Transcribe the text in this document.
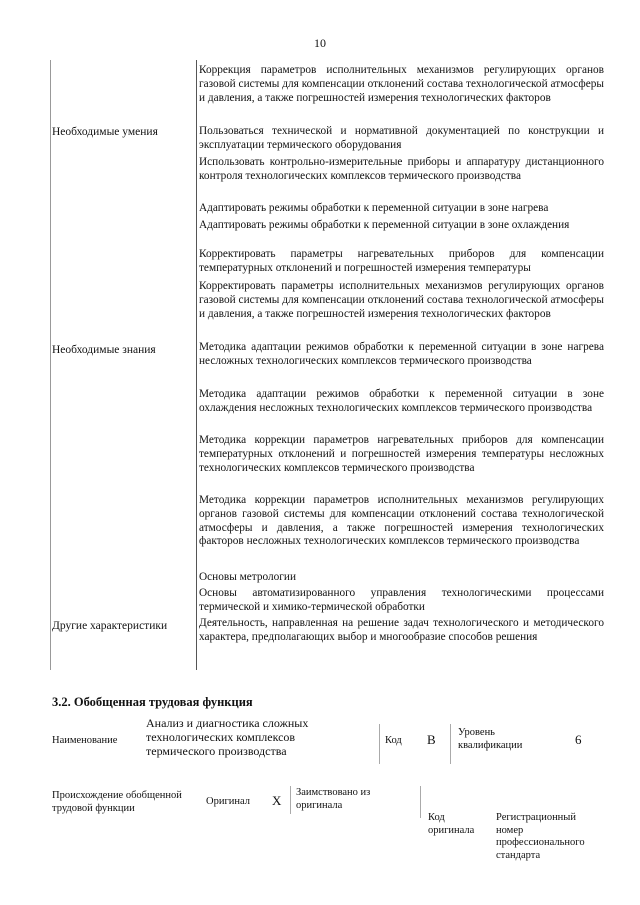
10
Необходимые умения
Необходимые знания
Другие характеристики
Коррекция параметров исполнительных механизмов регулирующих органов газовой системы для компенсации отклонений состава технологической атмосферы и давления, а также погрешностей измерения технологических факторов
Пользоваться технической и нормативной документацией по конструкции и эксплуатации термического оборудования
Использовать контрольно-измерительные приборы и аппаратуру дистанционного контроля технологических комплексов термического производства
Адаптировать режимы обработки к переменной ситуации в зоне нагрева
Адаптировать режимы обработки к переменной ситуации в зоне охлаждения
Корректировать параметры нагревательных приборов для компенсации температурных отклонений и погрешностей измерения температуры
Корректировать параметры исполнительных механизмов регулирующих органов газовой системы для компенсации отклонений состава технологической атмосферы и давления, а также погрешностей измерения технологических факторов
Методика адаптации режимов обработки к переменной ситуации в зоне нагрева несложных технологических комплексов термического производства
Методика адаптации режимов обработки к переменной ситуации в зоне охлаждения несложных технологических комплексов термического производства
Методика коррекции параметров нагревательных приборов для компенсации температурных отклонений и погрешностей измерения температуры несложных технологических комплексов термического производства
Методика коррекции параметров исполнительных механизмов регулирующих органов газовой системы для компенсации отклонений состава технологической атмосферы и давления, а также погрешностей измерения технологических факторов несложных технологических комплексов термического производства
Основы метрологии
Основы автоматизированного управления технологическими процессами термической и химико-термической обработки
Деятельность, направленная на решение задач технологического и методического характера, предполагающих выбор и многообразие способов решения
3.2. Обобщенная трудовая функция
Наименование
Анализ и диагностика сложных технологических комплексов термического производства
Код В Уровень квалификации	6
Происхождение обобщенной трудовой функции
Оригинал Х
Заимствовано из оригинала
Код оригинала
Регистрационный номер профессионального стандарта
